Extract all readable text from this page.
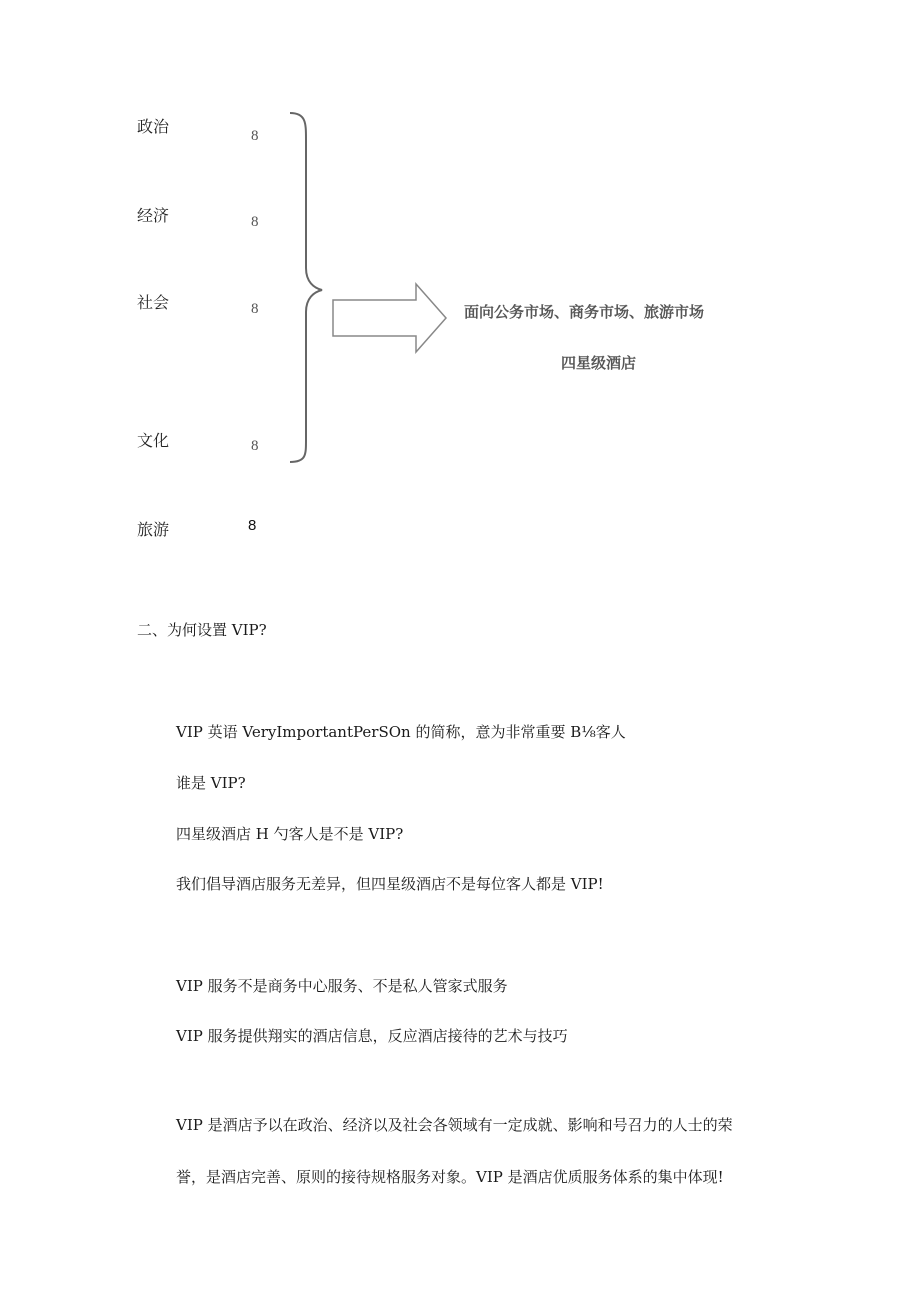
政治
经济
社会
文化
8
8
8
8
面向公务市场、商务市场、旅游市场
四星级酒店
旅游	8
二、为何设置 VIP?
VIP 英语 VeryImportantPerSOn 的简称，意为非常重要 B⅛客人
谁是 VIP?
四星级酒店 H 勺客人是不是 VIP?
我们倡导酒店服务无差异，但四星级酒店不是每位客人都是 VIP!
VIP 服务不是商务中心服务、不是私人管家式服务
VIP 服务提供翔实的酒店信息，反应酒店接待的艺术与技巧
VIP 是酒店予以在政治、经济以及社会各领域有一定成就、影响和号召力的人士的荣
誉，是酒店完善、原则的接待规格服务对象。VIP 是酒店优质服务体系的集中体现!
